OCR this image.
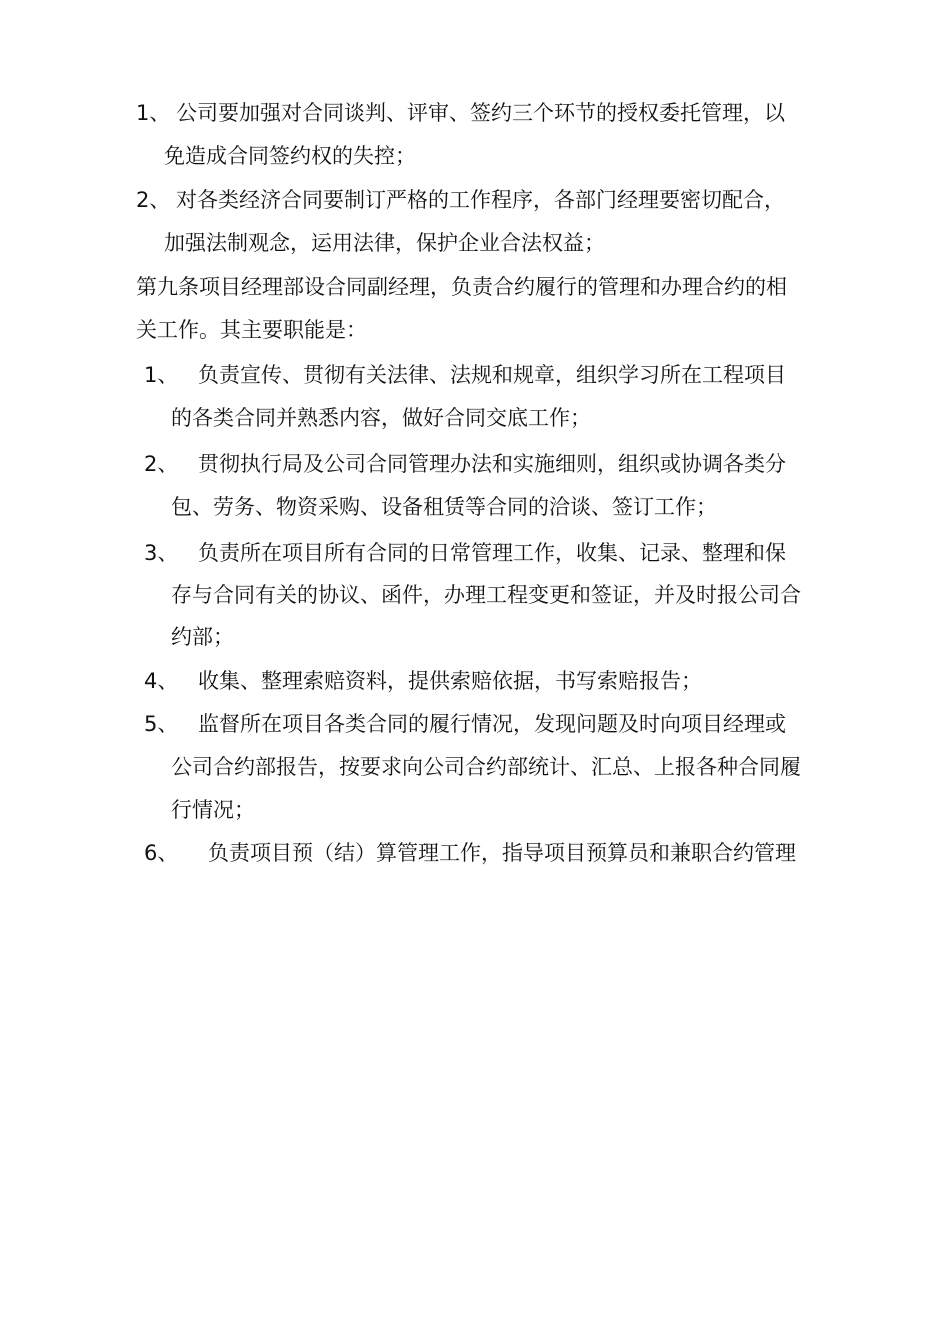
1、 公司要加强对合同谈判、评审、签约三个环节的授权委托管理，以
免造成合同签约权的失控；
2、 对各类经济合同要制订严格的工作程序，各部门经理要密切配合，
加强法制观念，运用法律，保护企业合法权益；
第九条项目经理部设合同副经理，负责合约履行的管理和办理合约的相
关工作。其主要职能是：
1、 负责宣传、贯彻有关法律、法规和规章，组织学习所在工程项目
的各类合同并熟悉内容，做好合同交底工作；
2、 贯彻执行局及公司合同管理办法和实施细则，组织或协调各类分
包、劳务、物资采购、设备租赁等合同的洽谈、签订工作；
3、 负责所在项目所有合同的日常管理工作，收集、记录、整理和保
存与合同有关的协议、函件，办理工程变更和签证，并及时报公司合
约部；
4、 收集、整理索赔资料，提供索赔依据，书写索赔报告；
5、 监督所在项目各类合同的履行情况，发现问题及时向项目经理或
公司合约部报告，按要求向公司合约部统计、汇总、上报各种合同履
行情况；
6、 负责项目预（结）算管理工作，指导项目预算员和兼职合约管理
